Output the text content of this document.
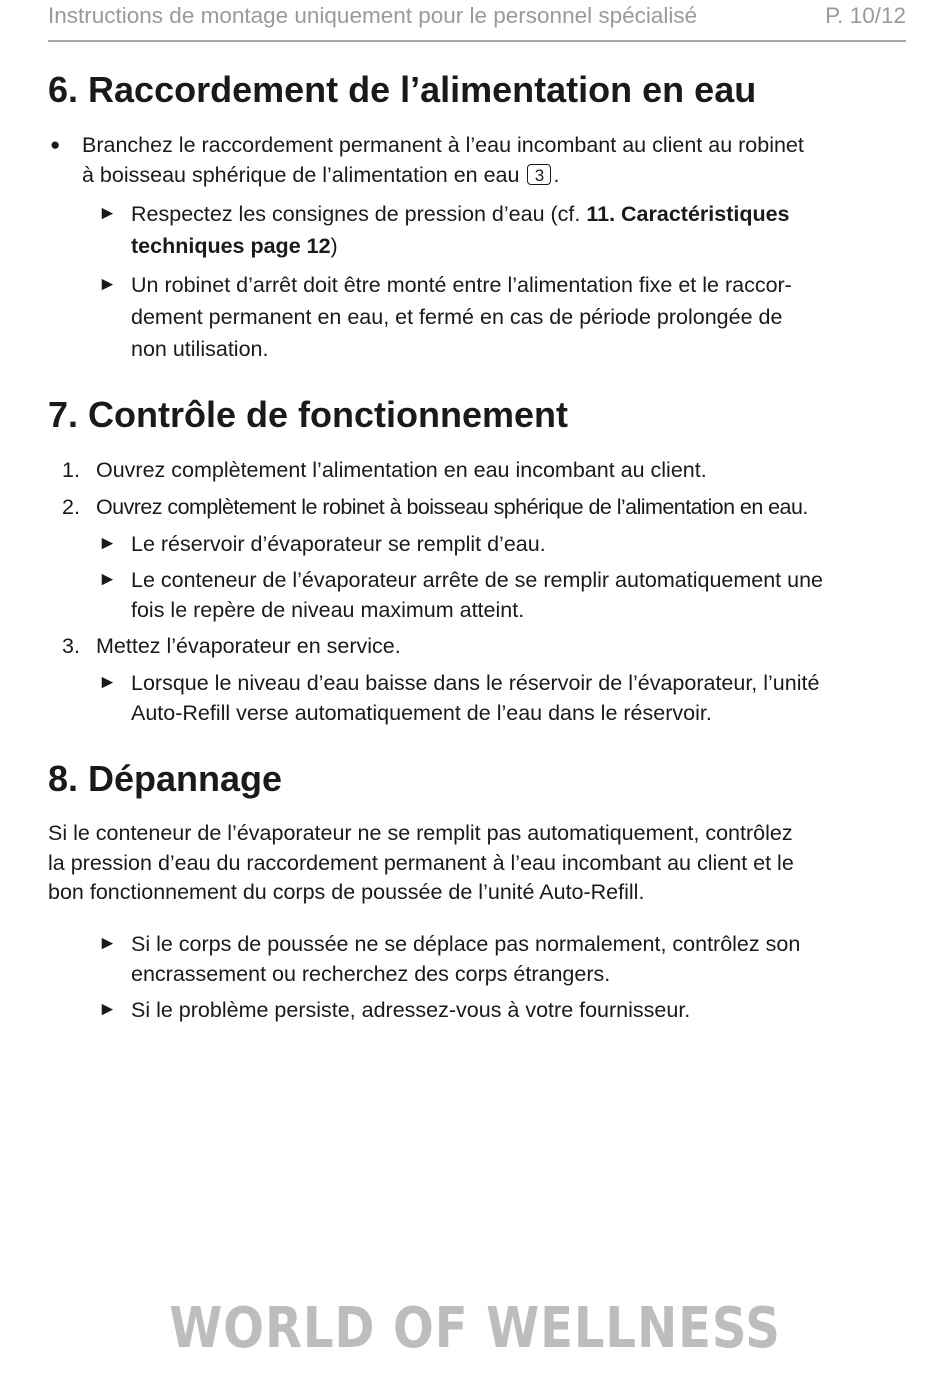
Instructions de montage uniquement pour le personnel spécialisé	P. 10/12
6. Raccordement de l’alimentation en eau
● Branchez le raccordement permanent à l’eau incombant au client au robinet
à boisseau sphérique de l’alimentation en eau 3 .
► Respectez les consignes de pression d’eau (cf. 11. Caractéristiques
techniques page 12)
► Un robinet d’arrêt doit être monté entre l’alimentation fixe et le raccor-
dement permanent en eau, et fermé en cas de période prolongée de
non utilisation.
7. Contrôle de fonctionnement
1. Ouvrez complètement l’alimentation en eau incombant au client.
2. Ouvrez complètement le robinet à boisseau sphérique de l’alimentation en eau.
► Le réservoir d’évaporateur se remplit d’eau.
► Le conteneur de l’évaporateur arrête de se remplir automatiquement une
fois le repère de niveau maximum atteint.
3. Mettez l’évaporateur en service.
► Lorsque le niveau d’eau baisse dans le réservoir de l’évaporateur, l’unité
Auto-Refill verse automatiquement de l’eau dans le réservoir.
8. Dépannage
Si le conteneur de l’évaporateur ne se remplit pas automatiquement, contrôlez
la pression d’eau du raccordement permanent à l’eau incombant au client et le
bon fonctionnement du corps de poussée de l’unité Auto-Refill.
► Si le corps de poussée ne se déplace pas normalement, contrôlez son
encrassement ou recherchez des corps étrangers.
► Si le problème persiste, adressez-vous à votre fournisseur.
WORLD OF WELLNESS
